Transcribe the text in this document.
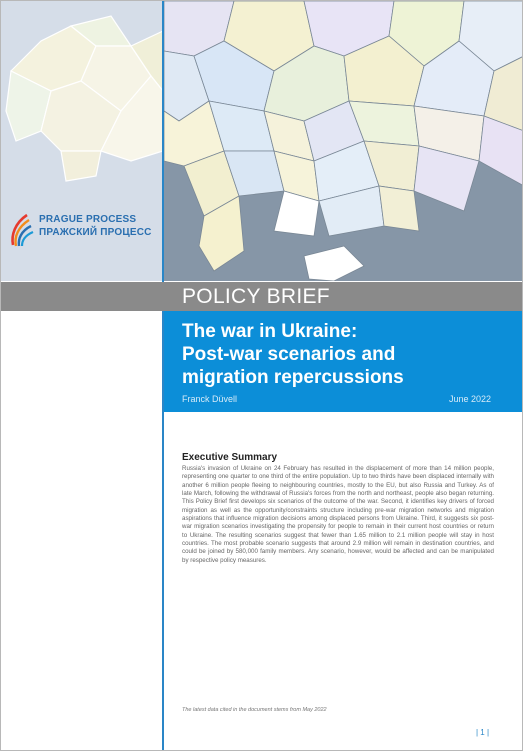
PRAGUE PROCESS
ПРАЖСКИЙ ПРОЦЕСС
POLICY BRIEF
The war in Ukraine:
Post-war scenarios and
migration repercussions
Franck Düvell	June 2022
Executive Summary
Russia's invasion of Ukraine on 24 February has resulted in the displacement of more than 14 million people, representing one quarter to one third of the entire population. Up to two thirds have been displaced internally with another 6 million people fleeing to neighbouring countries, mostly to the EU, but also Russia and Turkey. As of late March, following the withdrawal of Russia's forces from the north and northeast, people also began returning. This Policy Brief first develops six scenarios of the outcome of the war. Second, it identifies key drivers of forced migration as well as the opportunity/constraints structure including pre-war migration networks and migration aspirations that influence migration decisions among displaced persons from Ukraine. Third, it suggests six post-war migration scenarios investigating the propensity for people to remain in their current host countries or return to Ukraine. The resulting scenarios suggest that fewer than 1.65 million to 2.1 million people will stay in host countries. The most probable scenario suggests that around 2.9 million will remain in destination countries, and could be joined by 580,000 family members. Any scenario, however, would be affected and can be manipulated by respective policy measures.
The latest data cited in the document stems from May 2022
| 1 |
